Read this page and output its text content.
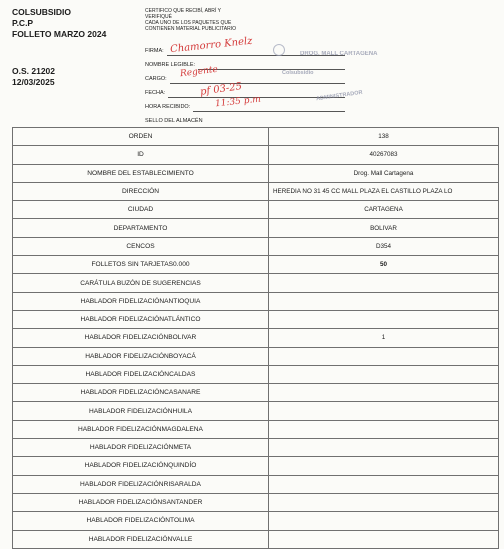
COLSUBSIDIO
P.C.P
FOLLETO MARZO 2024
O.S. 21202
12/03/2025
CERTIFICO QUE RECIBÍ, ABRÍ Y
VERIFIQUÉ
CADA UNO DE LOS PAQUETES QUE
CONTIENEN MATERIAL PUBLICITARIO
FIRMA:
NOMBRE LEGIBLE:
CARGO:
FECHA:
HORA RECIBIDO:
SELLO DEL ALMACÉN
Chamorro Knelz
Regente
pf 03-25
11:35 p.m
DROG. MALL CARTAGENA
Colsubsidio
ADMINISTRADOR
ORDEN	138
ID	40267083
NOMBRE DEL ESTABLECIMIENTO	Drog. Mall Cartagena
DIRECCIÓN	HEREDIA NO 31 45 CC MALL PLAZA EL CASTILLO PLAZA LO
CIUDAD	CARTAGENA
DEPARTAMENTO	BOLIVAR
CENCOS	D354
FOLLETOS SIN TARJETAS0.000	50
CARÁTULA BUZÓN DE SUGERENCIAS	
HABLADOR FIDELIZACIÓNANTIOQUIA	
HABLADOR FIDELIZACIÓNATLÁNTICO	
HABLADOR FIDELIZACIÓNBOLIVAR	1
HABLADOR FIDELIZACIÓNBOYACÁ	
HABLADOR FIDELIZACIÓNCALDAS	
HABLADOR FIDELIZACIÓNCASANARE	
HABLADOR FIDELIZACIÓNHUILA	
HABLADOR FIDELIZACIÓNMAGDALENA	
HABLADOR FIDELIZACIÓNMETA	
HABLADOR FIDELIZACIÓNQUINDÍO	
HABLADOR FIDELIZACIÓNRISARALDA	
HABLADOR FIDELIZACIÓNSANTANDER	
HABLADOR FIDELIZACIÓNTOLIMA	
HABLADOR FIDELIZACIÓNVALLE	
